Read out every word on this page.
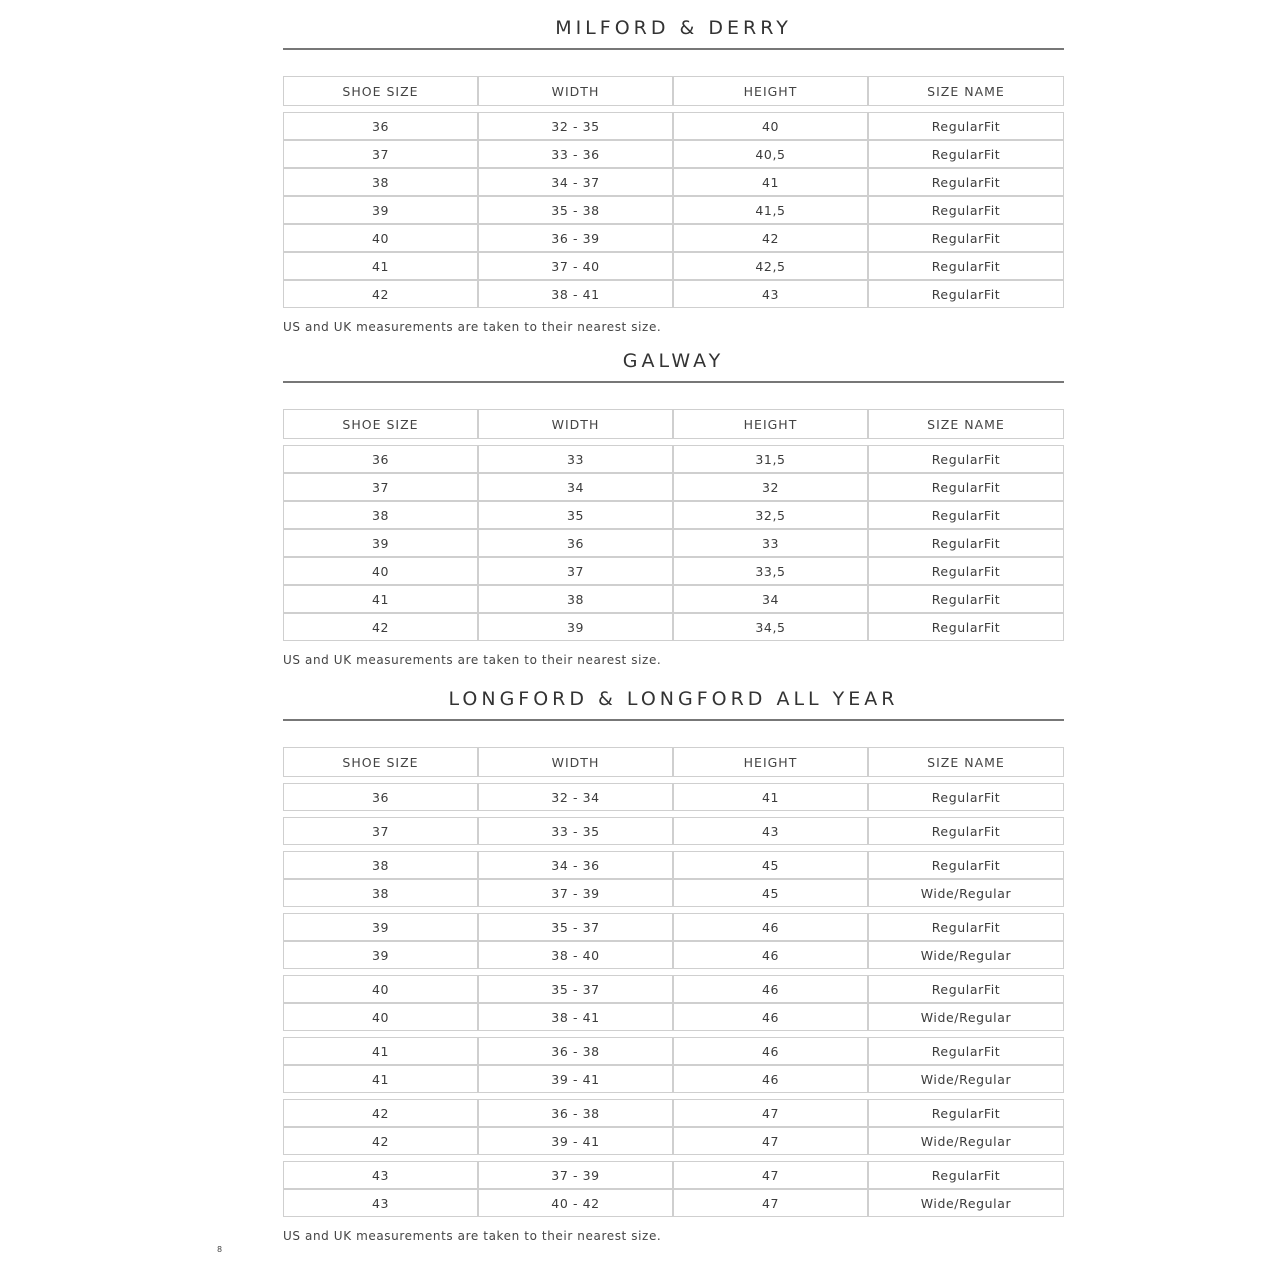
MILFORD & DERRY
SHOE SIZE	WIDTH	HEIGHT	SIZE NAME
36	32 - 35	40	RegularFit
37	33 - 36	40,5	RegularFit
38	34 - 37	41	RegularFit
39	35 - 38	41,5	RegularFit
40	36 - 39	42	RegularFit
41	37 - 40	42,5	RegularFit
42	38 - 41	43	RegularFit
US and UK measurements are taken to their nearest size.
GALWAY
SHOE SIZE	WIDTH	HEIGHT	SIZE NAME
36	33	31,5	RegularFit
37	34	32	RegularFit
38	35	32,5	RegularFit
39	36	33	RegularFit
40	37	33,5	RegularFit
41	38	34	RegularFit
42	39	34,5	RegularFit
US and UK measurements are taken to their nearest size.
LONGFORD & LONGFORD ALL YEAR
SHOE SIZE	WIDTH	HEIGHT	SIZE NAME
36	32 - 34	41	RegularFit
37	33 - 35	43	RegularFit
38	34 - 36	45	RegularFit
38	37 - 39	45	Wide/Regular
39	35 - 37	46	RegularFit
39	38 - 40	46	Wide/Regular
40	35 - 37	46	RegularFit
40	38 - 41	46	Wide/Regular
41	36 - 38	46	RegularFit
41	39 - 41	46	Wide/Regular
42	36 - 38	47	RegularFit
42	39 - 41	47	Wide/Regular
43	37 - 39	47	RegularFit
43	40 - 42	47	Wide/Regular
US and UK measurements are taken to their nearest size.
8
